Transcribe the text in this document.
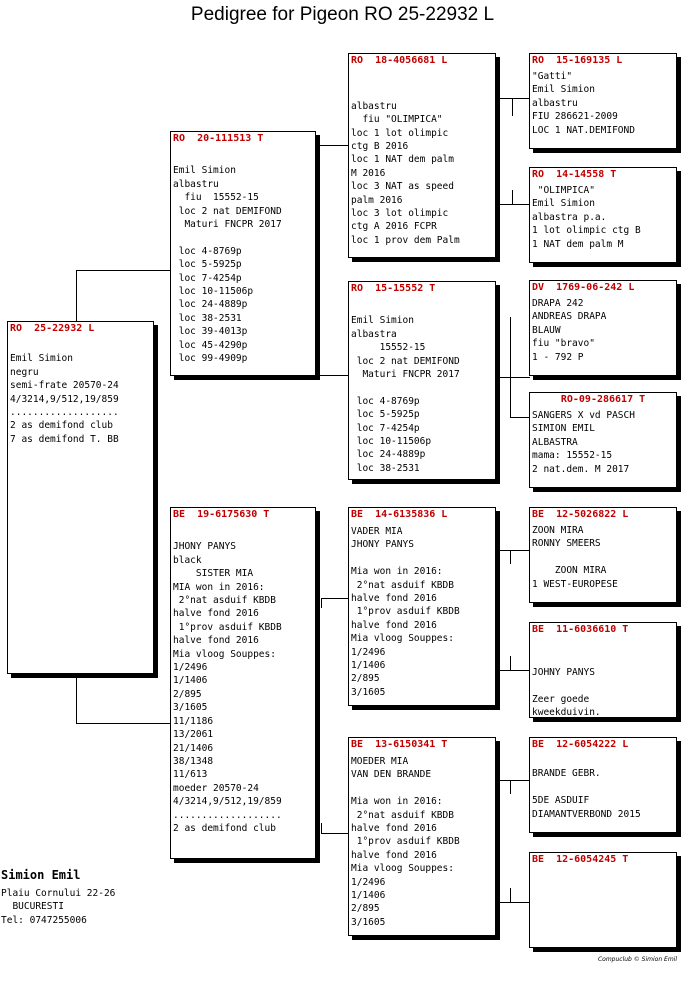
Pedigree for Pigeon RO 25-22932 L
RO  25-22932 L

Emil Simion
negru
semi-frate 20570-24
4/3214,9/512,19/859
...................
2 as demifond club
7 as demifond T. BB
RO  20-111513 T

Emil Simion
albastru
fiu  15552-15
loc 2 nat DEMIFOND
Maturi FNCPR 2017

loc 4-8769p
loc 5-5925p
loc 7-4254p
loc 10-11506p
loc 24-4889p
loc 38-2531
loc 39-4013p
loc 45-4290p
loc 99-4909p
BE  19-6175630 T

JHONY PANYS
black
SISTER MIA
MIA won in 2016:
2°nat asduif KBDB
halve fond 2016
1°prov asduif KBDB
halve fond 2016
Mia vloog Souppes:
1/2496
1/1406
2/895
3/1605
11/1186
13/2061
21/1406
38/1348
11/613
moeder 20570-24
4/3214,9/512,19/859
...................
2 as demifond club
RO  18-4056681 L

albastru
fiu "OLIMPICA"
loc 1 lot olimpic
ctg B 2016
loc 1 NAT dem palm
M 2016
loc 3 NAT as speed
palm 2016
loc 3 lot olimpic
ctg A 2016 FCPR
loc 1 prov dem Palm
RO  15-15552 T

Emil Simion
albastra
15552-15
loc 2 nat DEMIFOND
Maturi FNCPR 2017

loc 4-8769p
loc 5-5925p
loc 7-4254p
loc 10-11506p
loc 24-4889p
loc 38-2531
BE  14-6135836 L
VADER MIA
JHONY PANYS

Mia won in 2016:
2°nat asduif KBDB
halve fond 2016
1°prov asduif KBDB
halve fond 2016
Mia vloog Souppes:
1/2496
1/1406
2/895
3/1605
BE  13-6150341 T
MOEDER MIA
VAN DEN BRANDE

Mia won in 2016:
2°nat asduif KBDB
halve fond 2016
1°prov asduif KBDB
halve fond 2016
Mia vloog Souppes:
1/2496
1/1406
2/895
3/1605
RO  15-169135 L
"Gatti"
Emil Simion
albastru
FIU 286621-2009
LOC 1 NAT.DEMIFOND
RO  14-14558 T
"OLIMPICA"
Emil Simion
albastra p.a.
1 lot olimpic ctg B
1 NAT dem palm M
DV  1769-06-242 L
DRAPA 242
ANDREAS DRAPA
BLAUW
fiu "bravo"
1 - 792 P
RO-09-286617 T
SANGERS X vd PASCH
SIMION EMIL
ALBASTRA
mama: 15552-15
2 nat.dem. M 2017
BE  12-5026822 L
ZOON MIRA
RONNY SMEERS

ZOON MIRA
1 WEST-EUROPESE
BE  11-6036610 T

JOHNY PANYS

Zeer goede
kweekduivin.
BE  12-6054222 L

BRANDE GEBR.

5DE ASDUIF
DIAMANTVERBOND 2015
BE  12-6054245 T
Simion Emil
Plaiu Cornului 22-26
BUCURESTI
Tel: 0747255006
Compuclub © Simion Emil
